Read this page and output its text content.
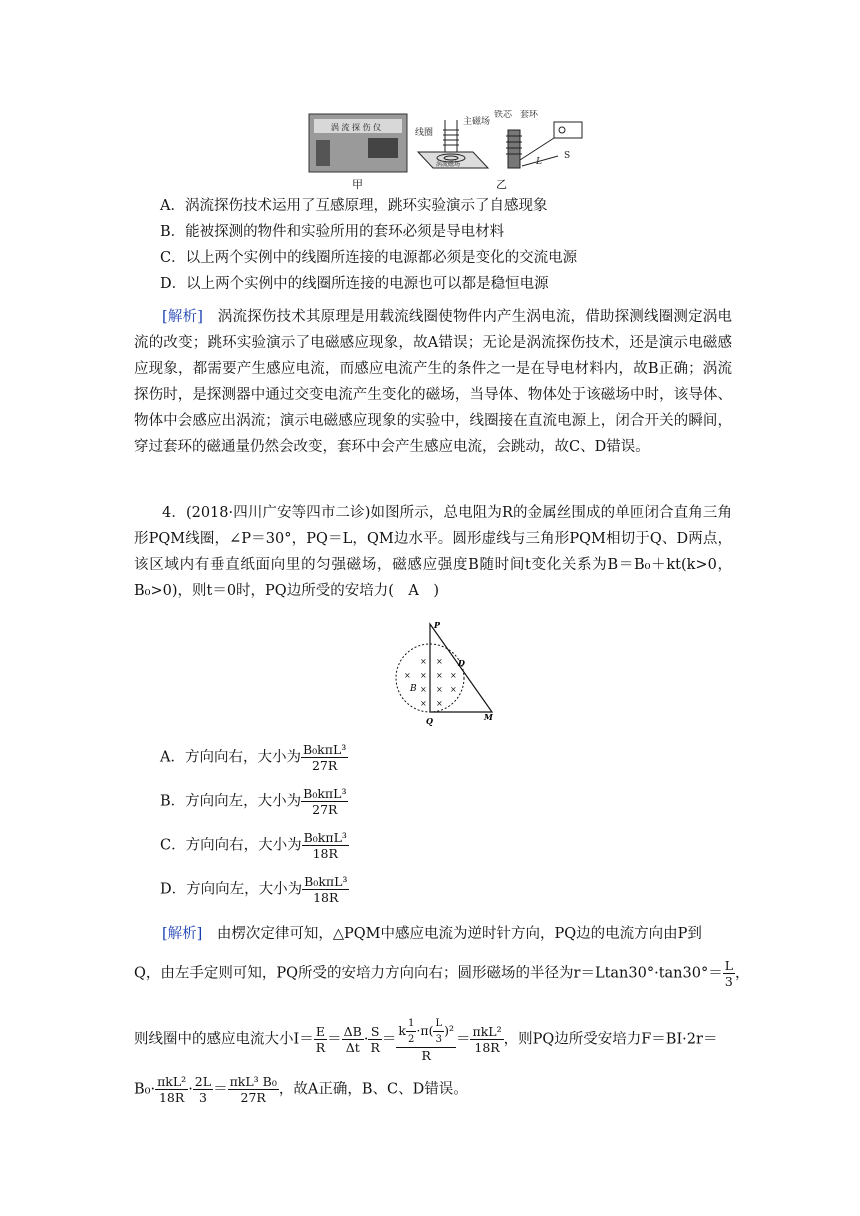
涡 流 探 伤 仪
线圈
主磁场
涡流磁场
铁芯 套环
L
S
甲	乙
A．涡流探伤技术运用了互感原理，跳环实验演示了自感现象
B．能被探测的物件和实验所用的套环必须是导电材料
C．以上两个实例中的线圈所连接的电源都必须是变化的交流电源
D．以上两个实例中的线圈所连接的电源也可以都是稳恒电源
[解析]　涡流探伤技术其原理是用载流线圈使物件内产生涡电流，借助探测线圈测定涡电流的改变；跳环实验演示了电磁感应现象，故A错误；无论是涡流探伤技术，还是演示电磁感应现象，都需要产生感应电流，而感应电流产生的条件之一是在导电材料内，故B正确；涡流探伤时，是探测器中通过交变电流产生变化的磁场，当导体、物体处于该磁场中时，该导体、物体中会感应出涡流；演示电磁感应现象的实验中，线圈接在直流电源上，闭合开关的瞬间，穿过套环的磁通量仍然会改变，套环中会产生感应电流，会跳动，故C、D错误。
4．(2018·四川广安等四市二诊)如图所示，总电阻为R的金属丝围成的单匝闭合直角三角形PQM线圈，∠P＝30°，PQ＝L，QM边水平。圆形虚线与三角形PQM相切于Q、D两点，该区域内有垂直纸面向里的匀强磁场，磁感应强度B随时间t变化关系为B＝B₀＋kt(k>0，B₀>0)，则t＝0时，PQ边所受的安培力(　A　)
× ×
× × × ×
× × ×
× ×
B
P
D
Q	M
A．方向向右，大小为 $\frac{\text{B₀kπL³}}{27R}$
B．方向向左，大小为 $\frac{\text{B₀kπL³}}{27R}$
C．方向向右，大小为 $\frac{\text{B₀kπL³}}{18R}$
D．方向向左，大小为 $\frac{\text{B₀kπL³}}{18R}$
[解析]　由楞次定律可知，△PQM中感应电流为逆时针方向，PQ边的电流方向由P到
Q，由左手定则可知，PQ所受的安培力方向向右；圆形磁场的半径为$r=Ltan30^\circ\cdot\tan 30^\circ= \frac{L}{3}$ ，
则线圈中的感应电流大小$I= \frac{E}{R} = \frac{\Delta B}{\Delta t} \cdot \frac{S}{R} = \frac{k \frac{1}{2} \cdot\pi( \frac{L}{3} )^2}{R} = \frac{\text{πkL²}}{18R}$ ，则PQ边所受安培力F＝BI·2r＝
$B_0\cdot \frac{\text{πkL²}}{18R} \cdot \frac{2L}{3} = \frac{\text{πkL³ B₀}}{27R}$ ，故A正确，B、C、D错误。
